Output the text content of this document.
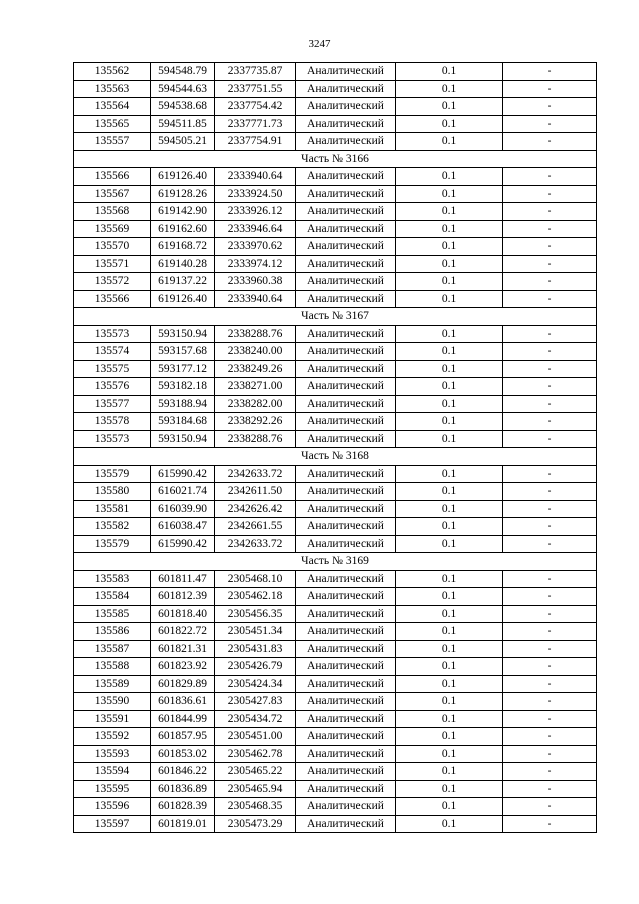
3247
135562	594548.79	2337735.87	Аналитический	0.1	-
135563	594544.63	2337751.55	Аналитический	0.1	-
135564	594538.68	2337754.42	Аналитический	0.1	-
135565	594511.85	2337771.73	Аналитический	0.1	-
135557	594505.21	2337754.91	Аналитический	0.1	-
Часть № 3166					
135566	619126.40	2333940.64	Аналитический	0.1	-
135567	619128.26	2333924.50	Аналитический	0.1	-
135568	619142.90	2333926.12	Аналитический	0.1	-
135569	619162.60	2333946.64	Аналитический	0.1	-
135570	619168.72	2333970.62	Аналитический	0.1	-
135571	619140.28	2333974.12	Аналитический	0.1	-
135572	619137.22	2333960.38	Аналитический	0.1	-
135566	619126.40	2333940.64	Аналитический	0.1	-
Часть № 3167					
135573	593150.94	2338288.76	Аналитический	0.1	-
135574	593157.68	2338240.00	Аналитический	0.1	-
135575	593177.12	2338249.26	Аналитический	0.1	-
135576	593182.18	2338271.00	Аналитический	0.1	-
135577	593188.94	2338282.00	Аналитический	0.1	-
135578	593184.68	2338292.26	Аналитический	0.1	-
135573	593150.94	2338288.76	Аналитический	0.1	-
Часть № 3168					
135579	615990.42	2342633.72	Аналитический	0.1	-
135580	616021.74	2342611.50	Аналитический	0.1	-
135581	616039.90	2342626.42	Аналитический	0.1	-
135582	616038.47	2342661.55	Аналитический	0.1	-
135579	615990.42	2342633.72	Аналитический	0.1	-
Часть № 3169					
135583	601811.47	2305468.10	Аналитический	0.1	-
135584	601812.39	2305462.18	Аналитический	0.1	-
135585	601818.40	2305456.35	Аналитический	0.1	-
135586	601822.72	2305451.34	Аналитический	0.1	-
135587	601821.31	2305431.83	Аналитический	0.1	-
135588	601823.92	2305426.79	Аналитический	0.1	-
135589	601829.89	2305424.34	Аналитический	0.1	-
135590	601836.61	2305427.83	Аналитический	0.1	-
135591	601844.99	2305434.72	Аналитический	0.1	-
135592	601857.95	2305451.00	Аналитический	0.1	-
135593	601853.02	2305462.78	Аналитический	0.1	-
135594	601846.22	2305465.22	Аналитический	0.1	-
135595	601836.89	2305465.94	Аналитический	0.1	-
135596	601828.39	2305468.35	Аналитический	0.1	-
135597	601819.01	2305473.29	Аналитический	0.1	-
